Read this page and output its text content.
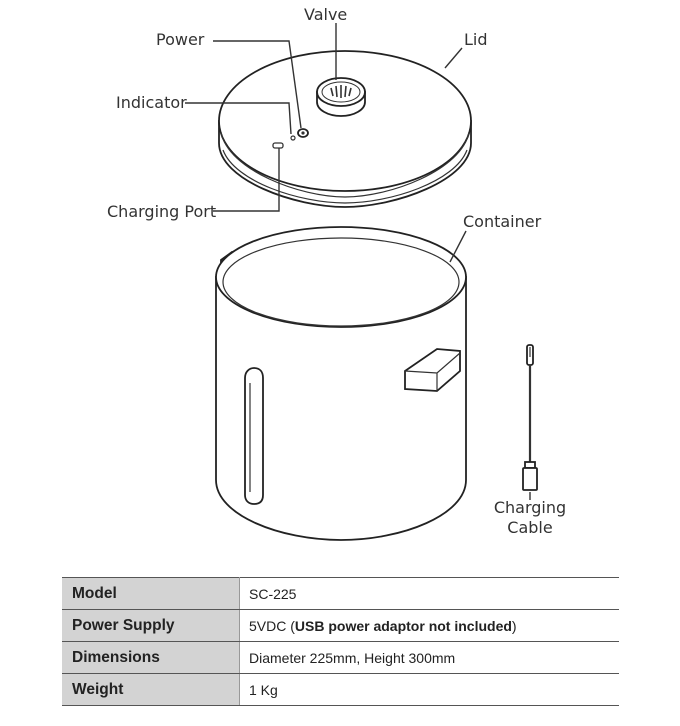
Valve
Power	Lid
Indicator
Charging Port
Container
Charging
Cable
Model	SC-225
Power Supply	5VDC (USB power adaptor not included)
Dimensions	Diameter 225mm, Height 300mm
Weight	1 Kg
